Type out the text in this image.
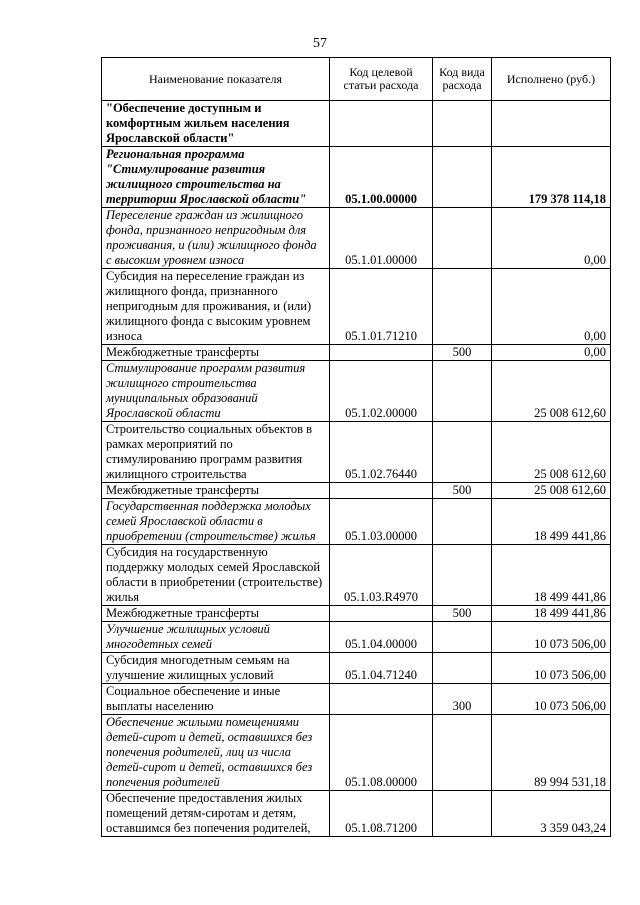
57
Наименование показателя	Код целевой статьи расхода	Код вида расхода	Исполнено (руб.)
"Обеспечение доступным и комфортным жильем населения Ярославской области"			
Региональная программа "Стимулирование развития жилищного строительства на территории Ярославской области"	05.1.00.00000		179 378 114,18
Переселение граждан из жилищного фонда, признанного непригодным для проживания, и (или) жилищного фонда с высоким уровнем износа	05.1.01.00000		0,00
Субсидия на переселение граждан из жилищного фонда, признанного непригодным для проживания, и (или) жилищного фонда с высоким уровнем износа	05.1.01.71210		0,00
Межбюджетные трансферты		500	0,00
Стимулирование программ развития жилищного строительства муниципальных образований Ярославской области	05.1.02.00000		25 008 612,60
Строительство социальных объектов в рамках мероприятий по стимулированию программ развития жилищного строительства	05.1.02.76440		25 008 612,60
Межбюджетные трансферты		500	25 008 612,60
Государственная поддержка молодых семей Ярославской области в приобретении (строительстве) жилья	05.1.03.00000		18 499 441,86
Субсидия на государственную поддержку молодых семей Ярославской области в приобретении (строительстве) жилья	05.1.03.R4970		18 499 441,86
Межбюджетные трансферты		500	18 499 441,86
Улучшение жилищных условий многодетных семей	05.1.04.00000		10 073 506,00
Субсидия многодетным семьям на улучшение жилищных условий	05.1.04.71240		10 073 506,00
Социальное обеспечение и иные выплаты населению		300	10 073 506,00
Обеспечение жилыми помещениями детей-сирот и детей, оставшихся без попечения родителей, лиц из числа детей-сирот и детей, оставшихся без попечения родителей	05.1.08.00000		89 994 531,18
Обеспечение предоставления жилых помещений детям-сиротам и детям, оставшимся без попечения родителей,	05.1.08.71200		3 359 043,24
